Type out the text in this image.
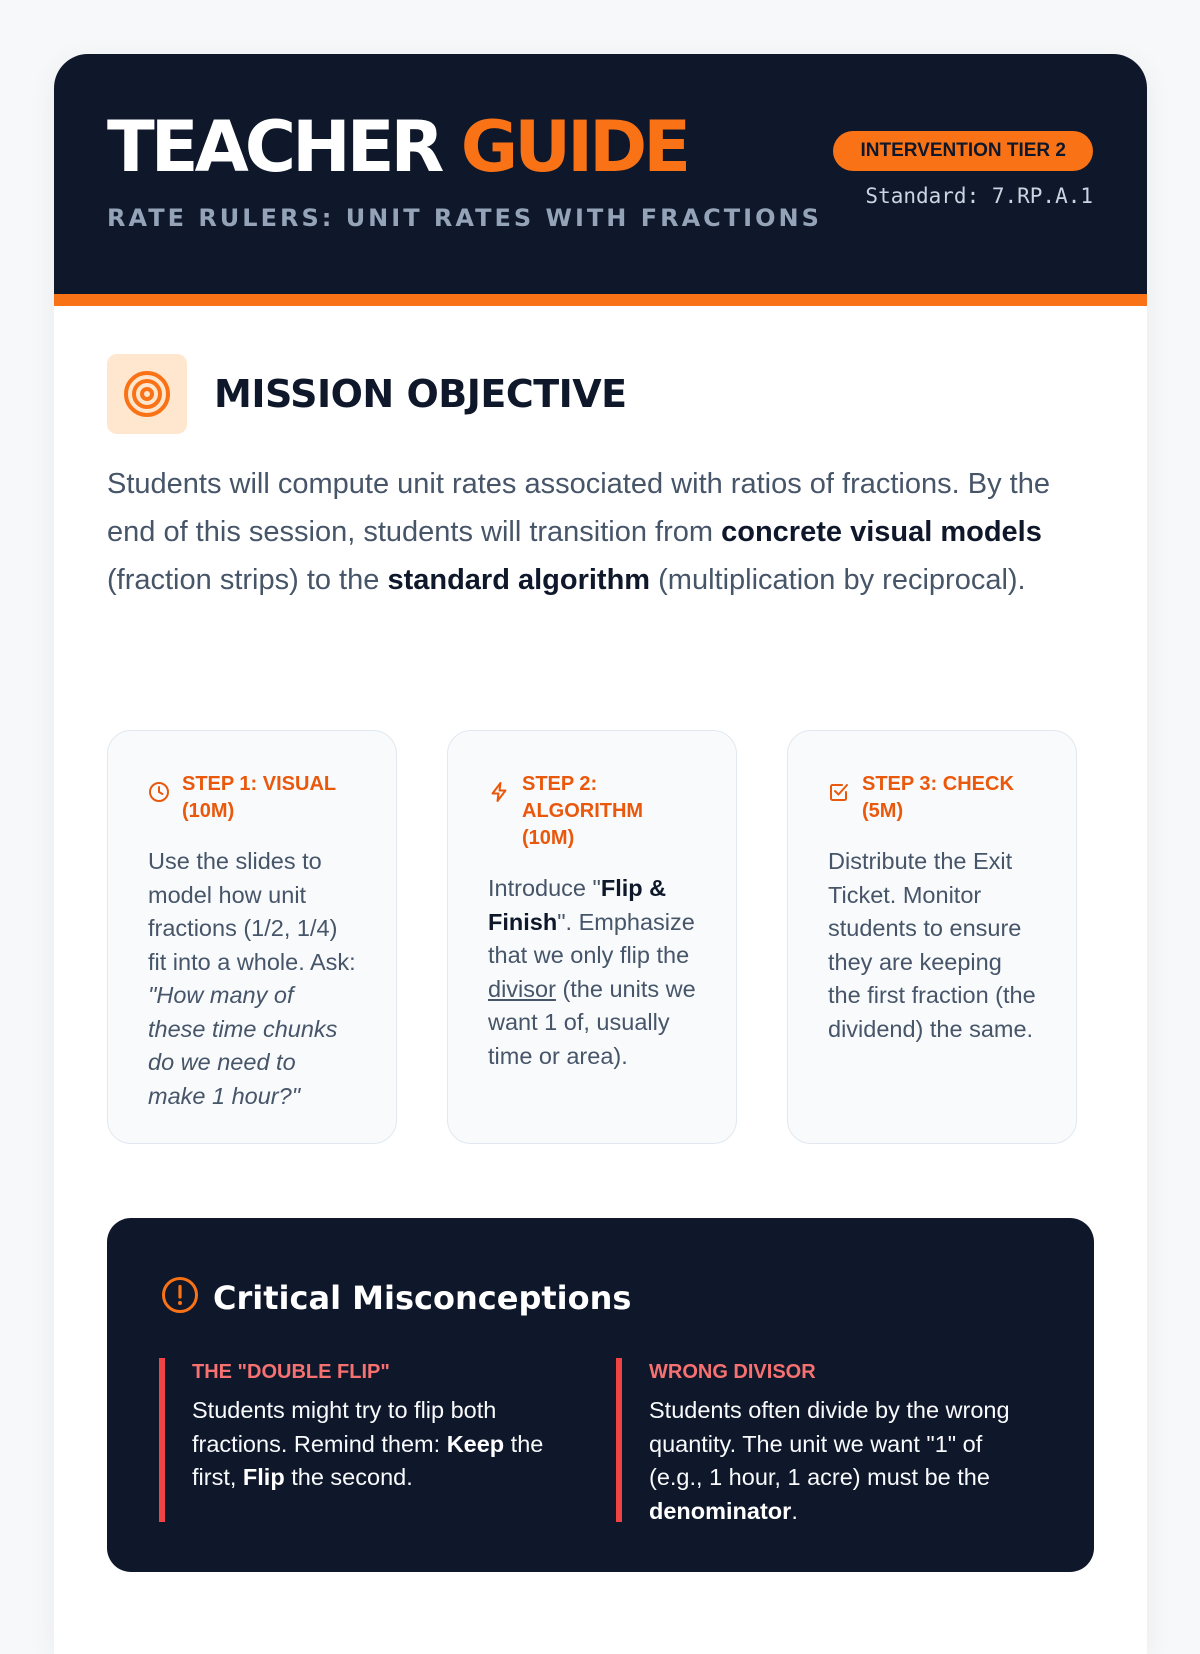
TEACHER GUIDE
RATE RULERS: UNIT RATES WITH FRACTIONS
INTERVENTION TIER 2
Standard: 7.RP.A.1
MISSION OBJECTIVE

Students will compute unit rates associated with ratios of fractions. By the end of this session, students will transition from concrete visual models (fraction strips) to the standard algorithm (multiplication by reciprocal).

STEP 1: VISUAL (10M)
Use the slides to model how unit fractions (1/2, 1/4) fit into a whole. Ask: "How many of these time chunks do we need to make 1 hour?"
STEP 2: ALGORITHM (10M)
Introduce "Flip & Finish". Emphasize that we only flip the divisor (the units we want 1 of, usually time or area).
STEP 3: CHECK (5M)
Distribute the Exit Ticket. Monitor students to ensure they are keeping the first fraction (the dividend) the same.
Critical Misconceptions
THE "DOUBLE FLIP"
Students might try to flip both fractions. Remind them: Keep the first, Flip the second.
WRONG DIVISOR
Students often divide by the wrong quantity. The unit we want "1" of (e.g., 1 hour, 1 acre) must be the denominator.
